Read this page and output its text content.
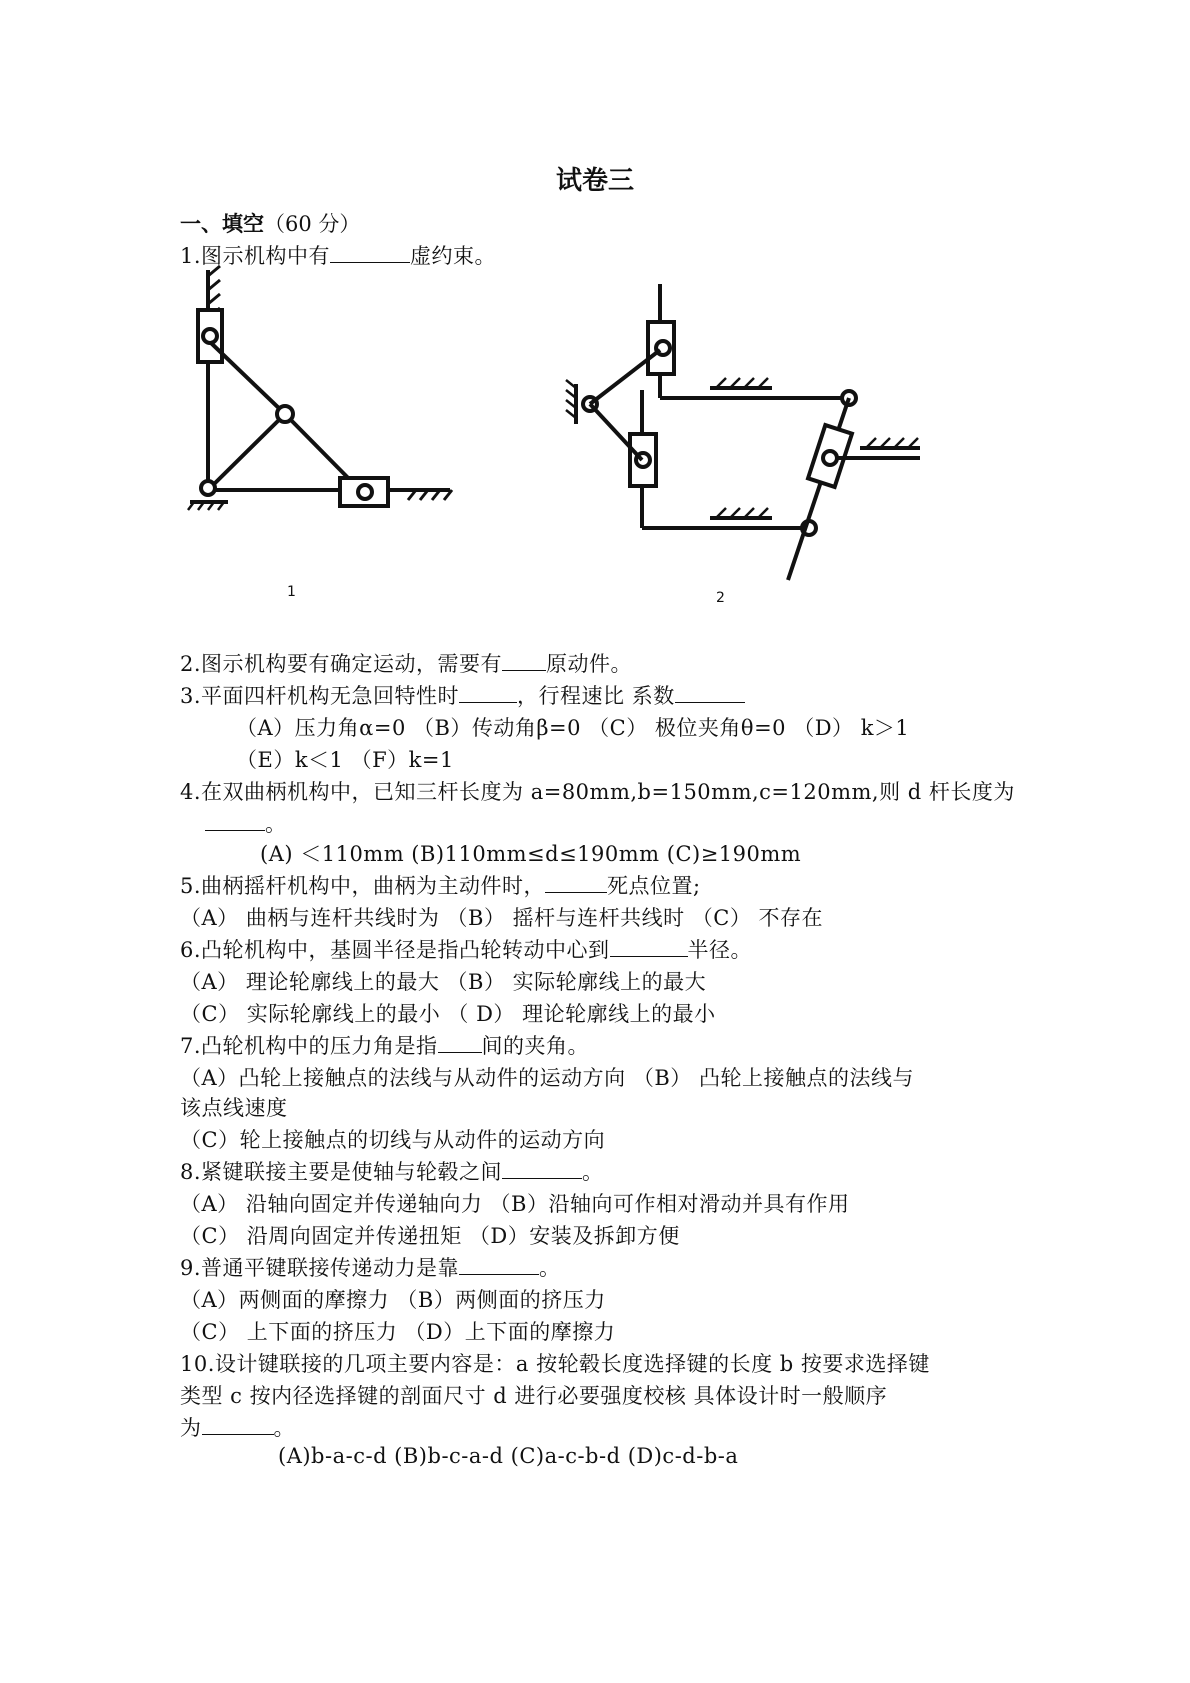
试卷三
一、填空（60 分）
1.图示机构中有	虚约束。
1	2
2.图示机构要有确定运动，需要有 原动件。
3.平面四杆机构无急回特性时	，行程速比 系数
（A）压力角α=0 （B）传动角β=0 （C） 极位夹角θ=0 （D） k＞1
（E）k＜1 （F）k=1
4.在双曲柄机构中，已知三杆长度为 a=80mm,b=150mm,c=120mm,则 d 杆长度为
。
(A) ＜110mm (B)110mm≤d≤190mm (C)≥190mm
5.曲柄摇杆机构中，曲柄为主动件时，	死点位置;
（A） 曲柄与连杆共线时为 （B） 摇杆与连杆共线时 （C） 不存在
6.凸轮机构中，基圆半径是指凸轮转动中心到	半径。
（A） 理论轮廓线上的最大 （B） 实际轮廓线上的最大
（C） 实际轮廓线上的最小 （ D） 理论轮廓线上的最小
7.凸轮机构中的压力角是指 间的夹角。
（A）凸轮上接触点的法线与从动件的运动方向 （B） 凸轮上接触点的法线与
该点线速度
（C）轮上接触点的切线与从动件的运动方向
8.紧键联接主要是使轴与轮毂之间	。
（A） 沿轴向固定并传递轴向力 （B）沿轴向可作相对滑动并具有作用
（C） 沿周向固定并传递扭矩 （D）安装及拆卸方便
9.普通平键联接传递动力是靠	。
（A）两侧面的摩擦力 （B）两侧面的挤压力
（C） 上下面的挤压力 （D）上下面的摩擦力
10.设计键联接的几项主要内容是：a 按轮毂长度选择键的长度 b 按要求选择键
类型 c 按内径选择键的剖面尺寸 d 进行必要强度校核 具体设计时一般顺序
为	。
(A)b-a-c-d (B)b-c-a-d (C)a-c-b-d (D)c-d-b-a
